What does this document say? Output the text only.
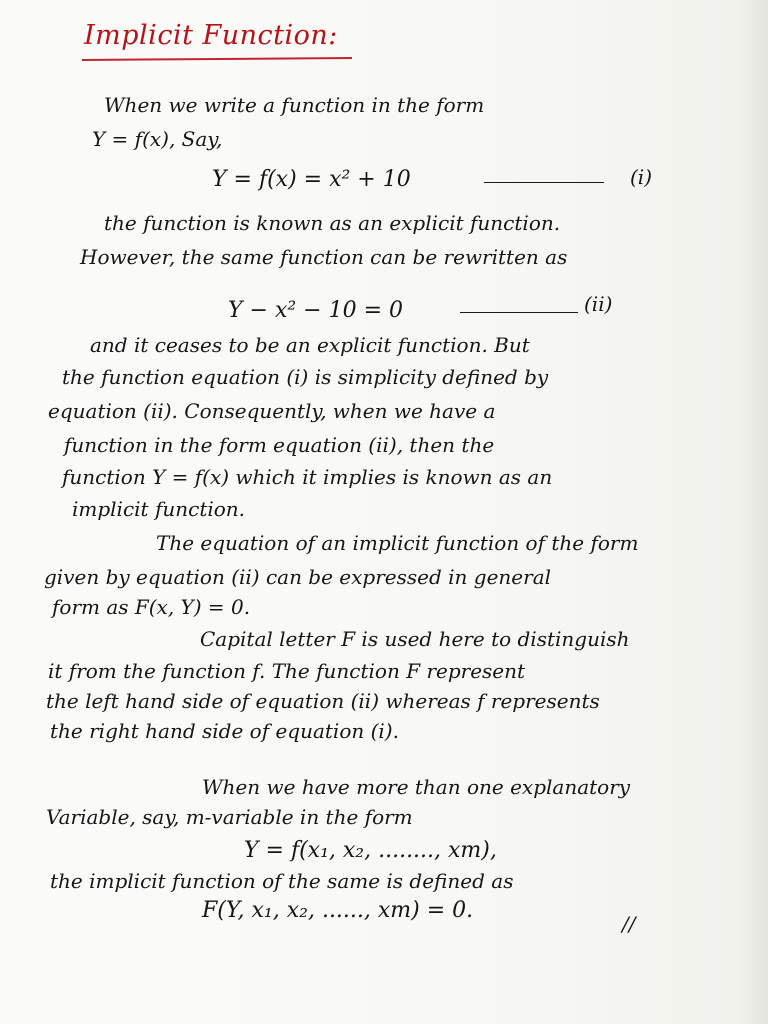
Implicit Function:
When we write a function in the form
Y = f(x), Say,
Y = f(x) = x² + 10	(i)
the function is known as an explicit function.
However, the same function can be rewritten as
Y − x² − 10 = 0	(ii)
and it ceases to be an explicit function. But
the function equation (i) is simplicity defined by
equation (ii). Consequently, when we have a
function in the form equation (ii), then the
function Y = f(x) which it implies is known as an
implicit function.
The equation of an implicit function of the form
given by equation (ii) can be expressed in general
form as F(x, Y) = 0.
Capital letter F is used here to distinguish
it from the function f. The function F represent
the left hand side of equation (ii) whereas f represents
the right hand side of equation (i).
When we have more than one explanatory
Variable, say, m-variable in the form
Y = f(x₁, x₂, ........, xm),
the implicit function of the same is defined as
F(Y, x₁, x₂, ......, xm) = 0.
//
